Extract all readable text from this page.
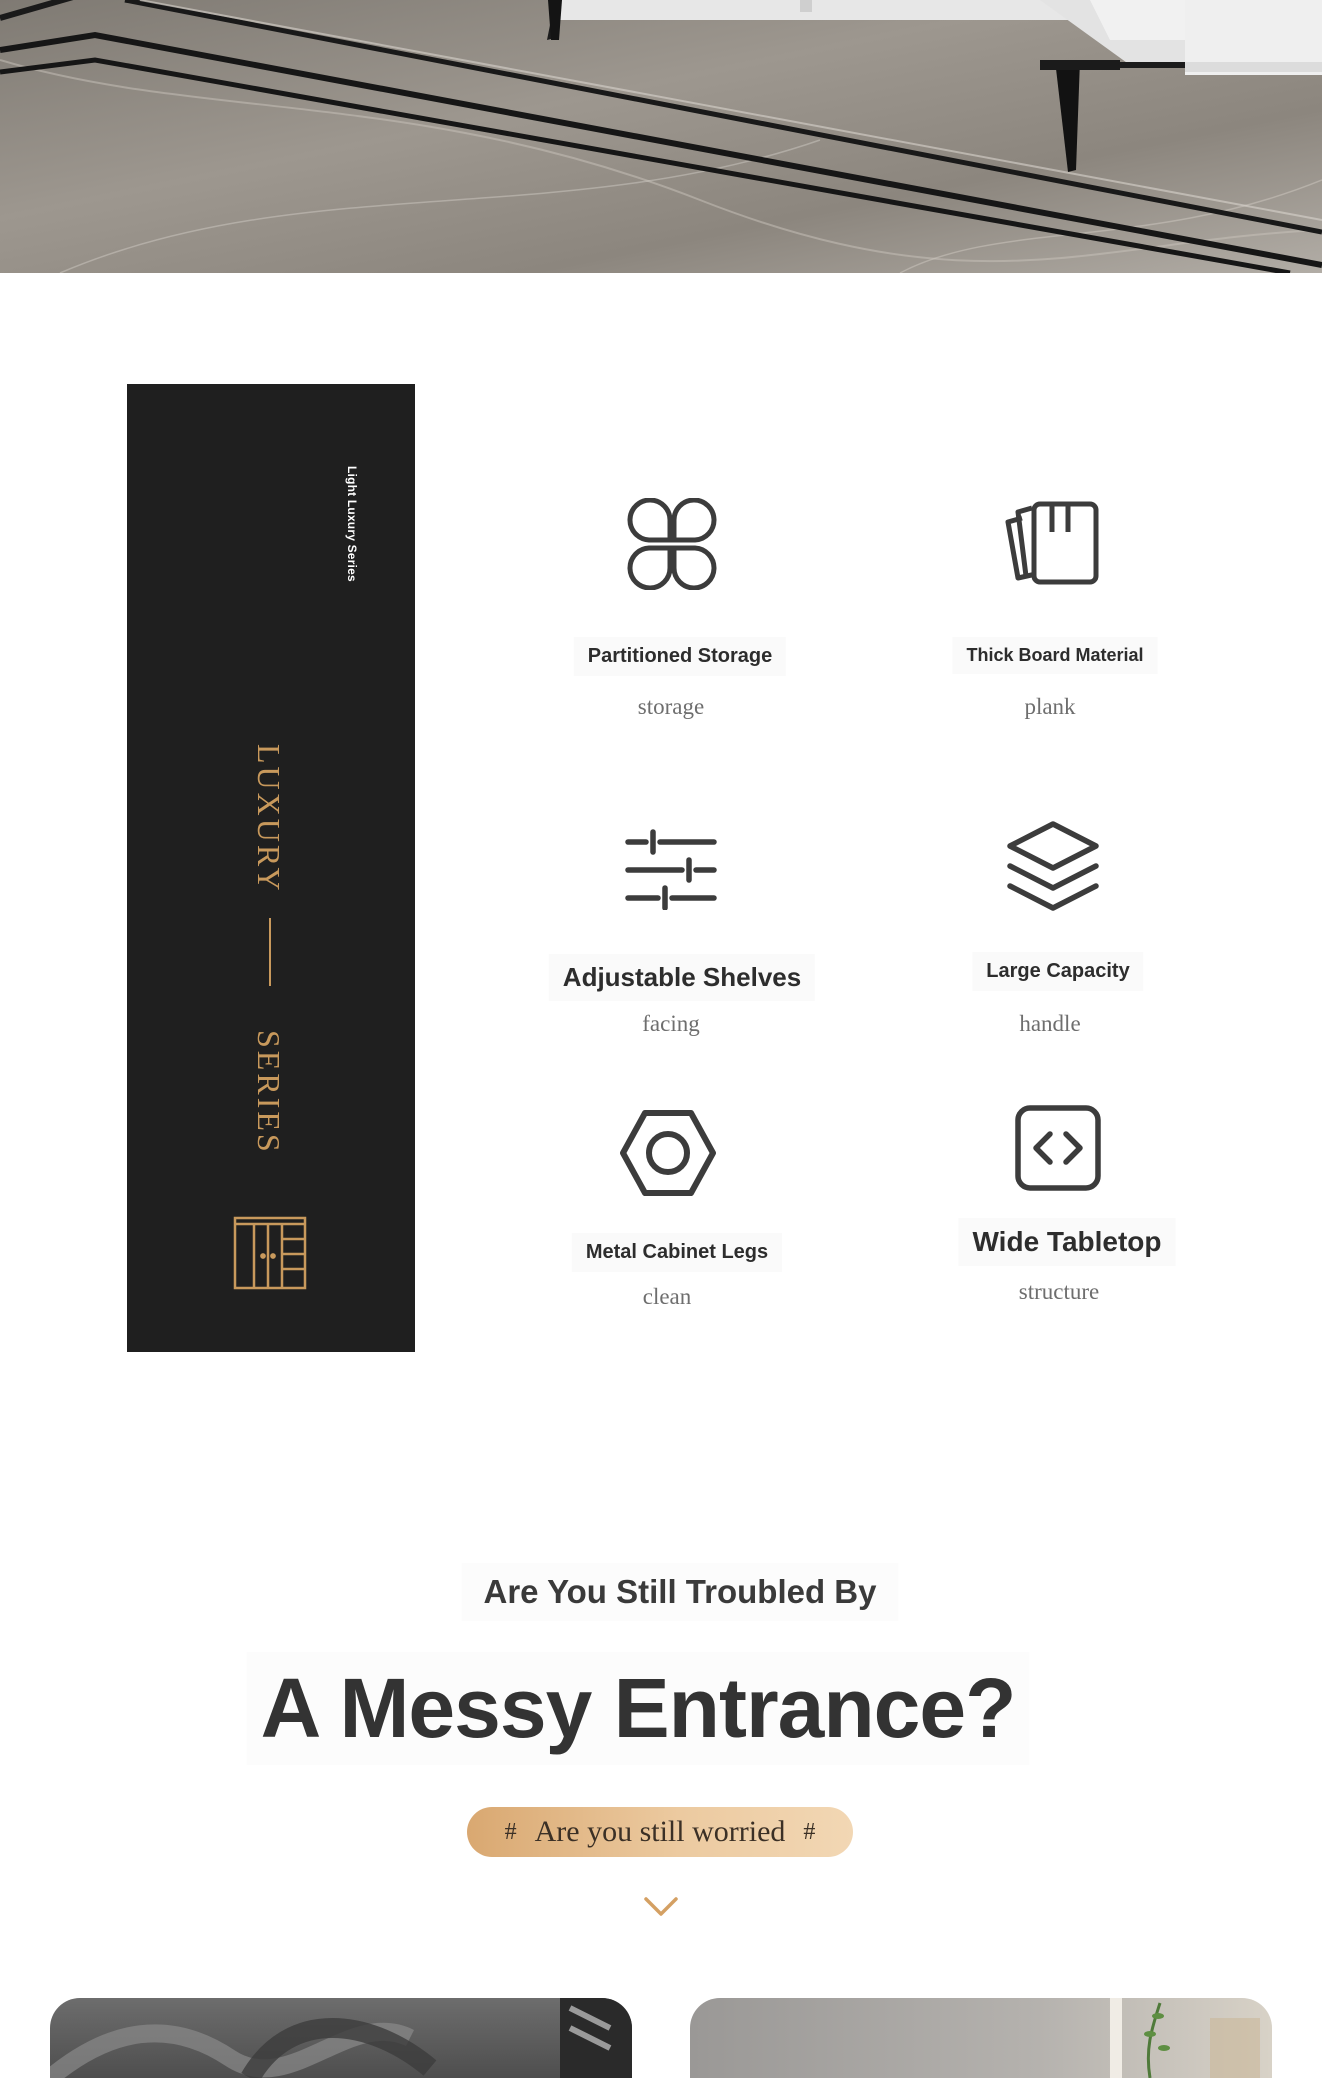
Light Luxury Series
LUXURY
SERIES
Partitioned Storage
storage
Thick Board Material
plank
Adjustable Shelves
facing
Large Capacity
handle
Metal Cabinet Legs
clean
Wide Tabletop
structure
Are You Still Troubled By
A Messy Entrance?
# Are you still worried #
